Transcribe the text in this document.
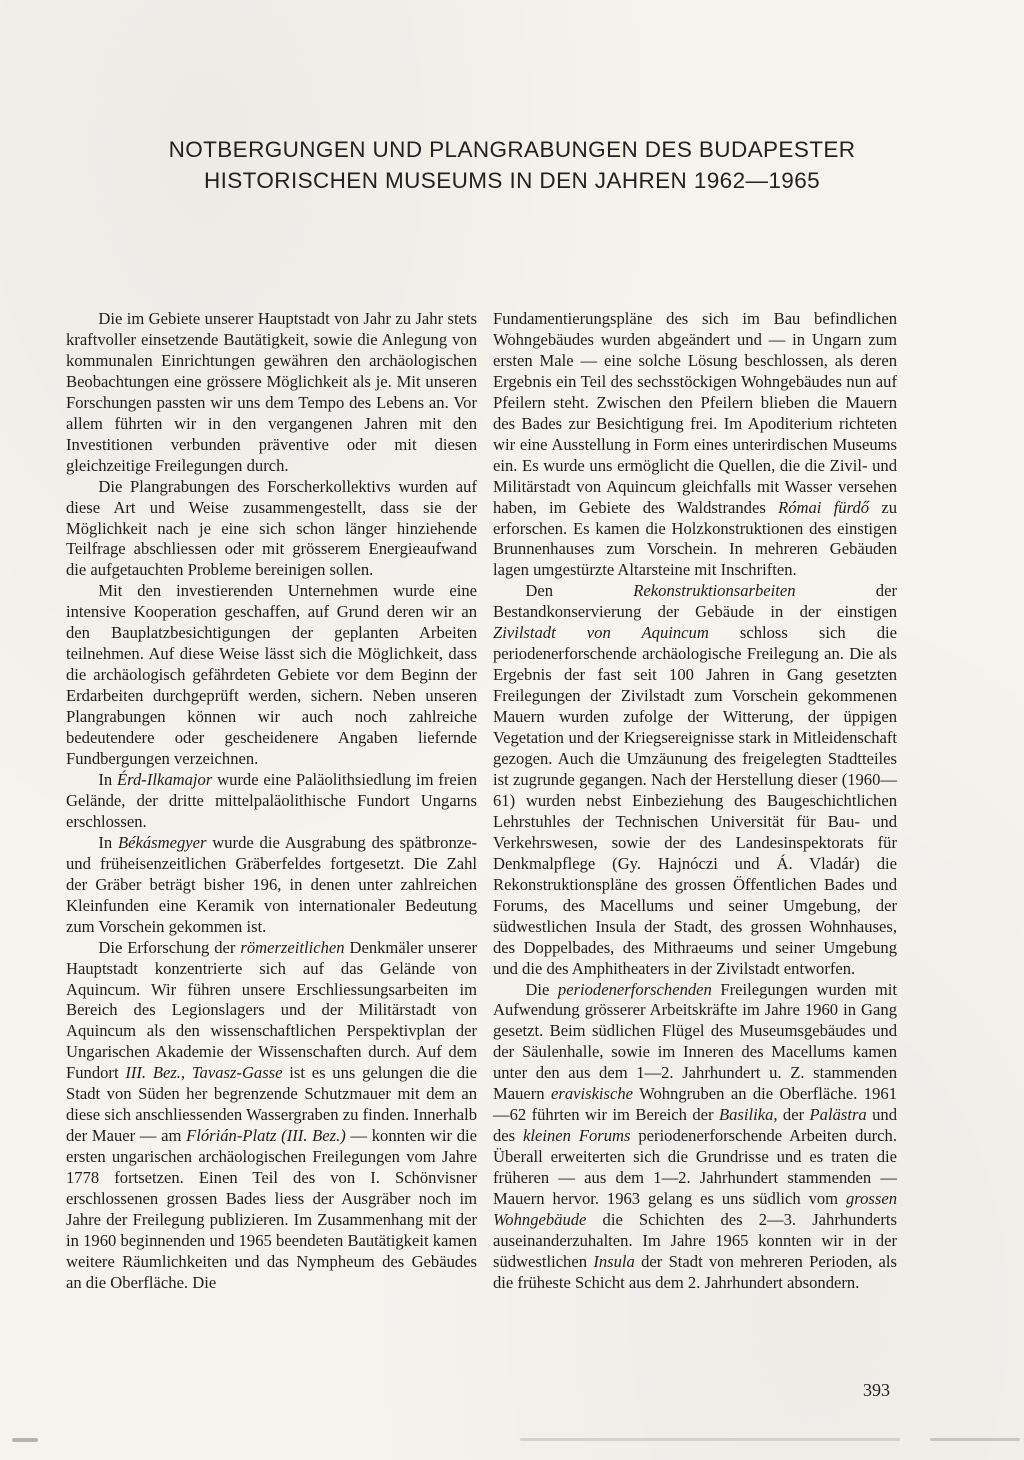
NOTBERGUNGEN UND PLANGRABUNGEN DES BUDAPESTER
HISTORISCHEN MUSEUMS IN DEN JAHREN 1962—1965

Die im Gebiete unserer Hauptstadt von Jahr zu Jahr stets kraftvoller einsetzende Bautätigkeit, sowie die Anlegung von kommunalen Einrichtungen gewähren den archäologischen Beobachtungen eine grössere Möglichkeit als je. Mit unseren Forschungen passten wir uns dem Tempo des Lebens an. Vor allem führten wir in den vergangenen Jahren mit den Investitionen verbunden präventive oder mit diesen gleichzeitige Freilegungen durch.

Die Plangrabungen des Forscherkollektivs wurden auf diese Art und Weise zusammengestellt, dass sie der Möglichkeit nach je eine sich schon länger hinziehende Teilfrage abschliessen oder mit grösserem Energieaufwand die aufgetauchten Probleme bereinigen sollen.

Mit den investierenden Unternehmen wurde eine intensive Kooperation geschaffen, auf Grund deren wir an den Bauplatzbesichtigungen der geplanten Arbeiten teilnehmen. Auf diese Weise lässt sich die Möglichkeit, dass die archäologisch gefährdeten Gebiete vor dem Beginn der Erdarbeiten durchgeprüft werden, sichern. Neben unseren Plangrabungen können wir auch noch zahlreiche bedeutendere oder gescheidenere Angaben liefernde Fundbergungen verzeichnen.

In Érd-Ilkamajor wurde eine Paläolithsiedlung im freien Gelände, der dritte mittelpaläolithische Fundort Ungarns erschlossen.

In Békásmegyer wurde die Ausgrabung des spätbronze- und früheisenzeitlichen Gräberfeldes fortgesetzt. Die Zahl der Gräber beträgt bisher 196, in denen unter zahlreichen Kleinfunden eine Keramik von internationaler Bedeutung zum Vorschein gekommen ist.

Die Erforschung der römerzeitlichen Denkmäler unserer Hauptstadt konzentrierte sich auf das Gelände von Aquincum. Wir führen unsere Erschliessungsarbeiten im Bereich des Legionslagers und der Militärstadt von Aquincum als den wissenschaftlichen Perspektivplan der Ungarischen Akademie der Wissenschaften durch. Auf dem Fundort III. Bez., Tavasz-Gasse ist es uns gelungen die die Stadt von Süden her begrenzende Schutzmauer mit dem an diese sich anschliessenden Wassergraben zu finden. Innerhalb der Mauer — am Flórián-Platz (III. Bez.) — konnten wir die ersten ungarischen archäologischen Freilegungen vom Jahre 1778 fortsetzen. Einen Teil des von I. Schönvisner erschlossenen grossen Bades liess der Ausgräber noch im Jahre der Freilegung publizieren. Im Zusammenhang mit der in 1960 beginnenden und 1965 beendeten Bautätigkeit kamen weitere Räumlichkeiten und das Nympheum des Gebäudes an die Oberfläche. Die

Fundamentierungspläne des sich im Bau befindlichen Wohngebäudes wurden abgeändert und — in Ungarn zum ersten Male — eine solche Lösung beschlossen, als deren Ergebnis ein Teil des sechsstöckigen Wohngebäudes nun auf Pfeilern steht. Zwischen den Pfeilern blieben die Mauern des Bades zur Besichtigung frei. Im Apoditerium richteten wir eine Ausstellung in Form eines unterirdischen Museums ein. Es wurde uns ermöglicht die Quellen, die die Zivil- und Militärstadt von Aquincum gleichfalls mit Wasser versehen haben, im Gebiete des Waldstrandes Római fürdő zu erforschen. Es kamen die Holzkonstruktionen des einstigen Brunnenhauses zum Vorschein. In mehreren Gebäuden lagen umgestürzte Altarsteine mit Inschriften.

Den Rekonstruktionsarbeiten der Bestandkonservierung der Gebäude in der einstigen Zivilstadt von Aquincum schloss sich die periodenerforschende archäologische Freilegung an. Die als Ergebnis der fast seit 100 Jahren in Gang gesetzten Freilegungen der Zivilstadt zum Vorschein gekommenen Mauern wurden zufolge der Witterung, der üppigen Vegetation und der Kriegsereignisse stark in Mitleidenschaft gezogen. Auch die Umzäunung des freigelegten Stadtteiles ist zugrunde gegangen. Nach der Herstellung dieser (1960—61) wurden nebst Einbeziehung des Baugeschichtlichen Lehrstuhles der Technischen Universität für Bau- und Verkehrswesen, sowie der des Landesinspektorats für Denkmalpflege (Gy. Hajnóczi und Á. Vladár) die Rekonstruktionspläne des grossen Öffentlichen Bades und Forums, des Macellums und seiner Umgebung, der südwestlichen Insula der Stadt, des grossen Wohnhauses, des Doppelbades, des Mithraeums und seiner Umgebung und die des Amphitheaters in der Zivilstadt entworfen.

Die periodenerforschenden Freilegungen wurden mit Aufwendung grösserer Arbeitskräfte im Jahre 1960 in Gang gesetzt. Beim südlichen Flügel des Museumsgebäudes und der Säulenhalle, sowie im Inneren des Macellums kamen unter den aus dem 1—2. Jahrhundert u. Z. stammenden Mauern eraviskische Wohngruben an die Oberfläche. 1961—62 führten wir im Bereich der Basilika, der Palästra und des kleinen Forums periodenerforschende Arbeiten durch. Überall erweiterten sich die Grundrisse und es traten die früheren — aus dem 1—2. Jahrhundert stammenden — Mauern hervor. 1963 gelang es uns südlich vom grossen Wohngebäude die Schichten des 2—3. Jahrhunderts auseinanderzuhalten. Im Jahre 1965 konnten wir in der südwestlichen Insula der Stadt von mehreren Perioden, als die früheste Schicht aus dem 2. Jahrhundert absondern.

393
